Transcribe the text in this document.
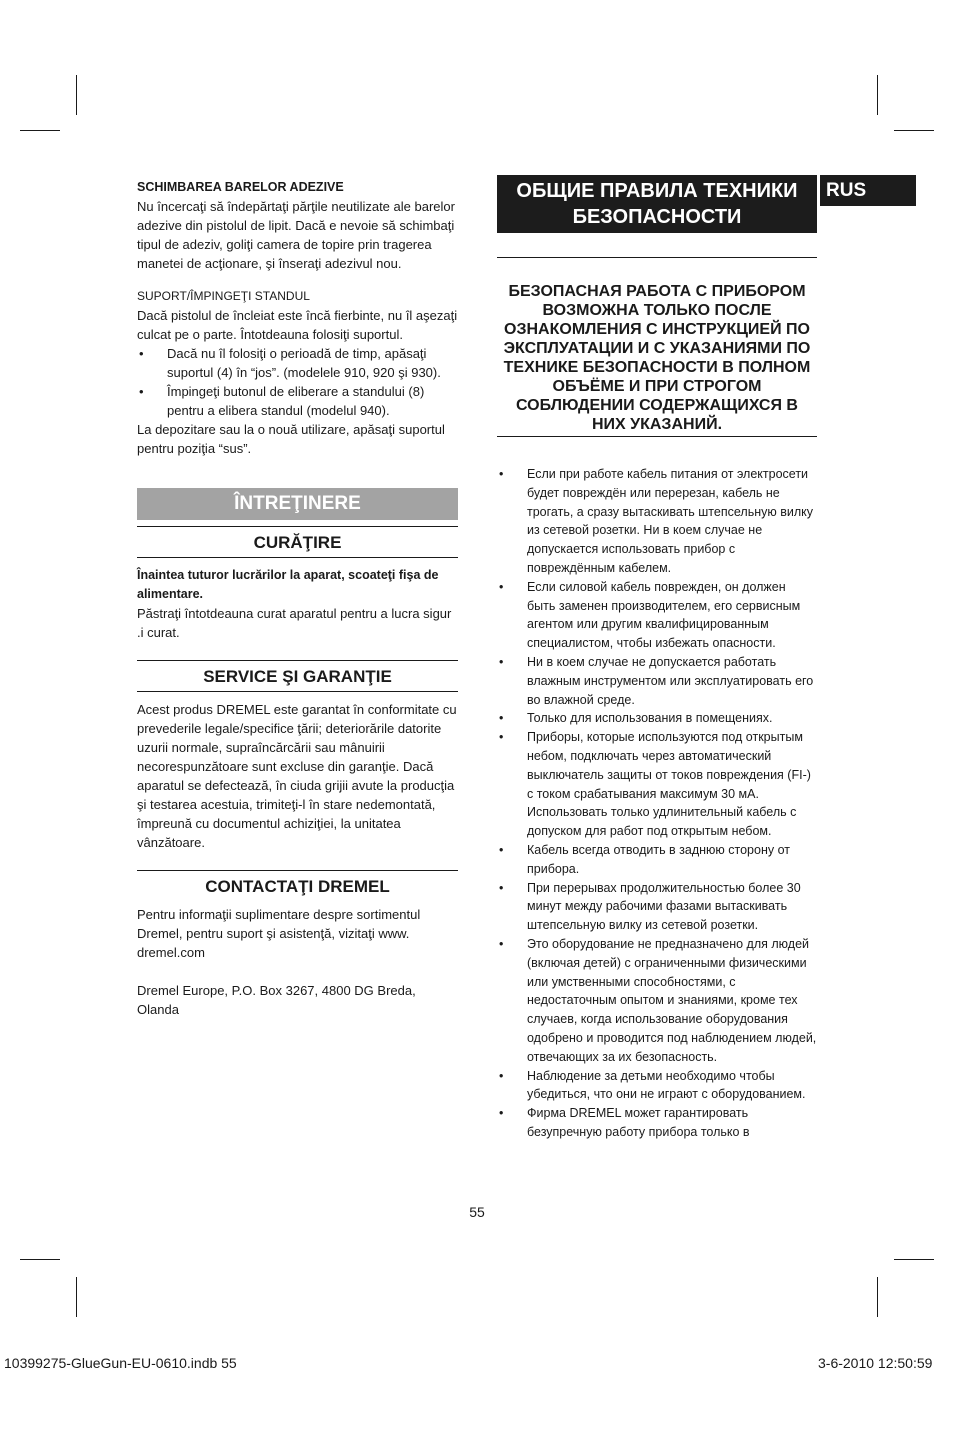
SCHIMBAREA BARELOR ADEZIVE

Nu încercaţi să îndepărtaţi părţile neutilizate ale barelor adezive din pistolul de lipit. Dacă e nevoie să schimbaţi tipul de adeziv, goliţi camera de topire prin tragerea manetei de acţionare, şi înseraţi adezivul nou.

SUPORT/ÎMPINGEŢI STANDUL

Dacă pistolul de încleiat este încă fierbinte, nu îl aşezaţi culcat pe o parte. Întotdeauna folosiţi suportul.

• Dacă nu îl folosiţi o perioadă de timp, apăsaţi suportul (4) în “jos”. (modelele 910, 920 şi 930).
• Împingeţi butonul de eliberare a standului (8) pentru a elibera standul (modelul 940).

La depozitare sau la o nouă utilizare, apăsaţi suportul pentru poziţia “sus”.

ÎNTREŢINERE
CURĂŢIRE

Înaintea tuturor lucrărilor la aparat, scoateţi fişa de alimentare.

Păstraţi întotdeauna curat aparatul pentru a lucra sigur .i curat.

SERVICE ŞI GARANŢIE

Acest produs DREMEL este garantat în conformitate cu prevederile legale/specifice ţării; deteriorările datorite uzurii normale, supraîncărcării sau mânuirii necorespunzătoare sunt excluse din garanţie. Dacă aparatul se defectează, în ciuda grijii avute la producţia şi testarea acestuia, trimiteţi-l în stare nedemontată, împreună cu documentul achiziţiei, la unitatea vânzătoare.

CONTACTAŢI DREMEL

Pentru informaţii suplimentare despre sortimentul Dremel, pentru suport şi asistenţă, vizitaţi www. dremel.com

Dremel Europe, P.O. Box 3267, 4800 DG Breda, Olanda

ОБЩИЕ ПРАВИЛА ТЕХНИКИ БЕЗОПАСНОСТИ
БЕЗОПАСНАЯ РАБОТА С ПРИБОРОМ ВОЗМОЖНА ТОЛЬКО ПОСЛЕ ОЗНАКОМЛЕНИЯ С ИНСТРУКЦИЕЙ ПО ЭКСПЛУАТАЦИИ И С УКАЗАНИЯМИ ПО ТЕХНИКЕ БЕЗОПАСНОСТИ В ПОЛНОМ ОБЪЁМЕ И ПРИ СТРОГОМ СОБЛЮДЕНИИ СОДЕРЖАЩИХСЯ В НИХ УКАЗАНИЙ.
• Если при работе кабель питания от электросети будет повреждён или перерезан, кабель не трогать, а сразу вытаскивать штепсельную вилку из сетевой розетки. Ни в коем случае не допускается использовать прибор с повреждённым кабелем.
• Если силовой кабель поврежден, он должен быть заменен производителем, его сервисным агентом или другим квалифицированным специалистом, чтобы избежать опасности.
• Ни в коем случае не допускается работать влажным инструментом или эксплуатировать его во влажной среде.
• Только для использования в помещениях.
• Приборы, которые используются под открытым небом, подключать через автоматический выключатель защиты от токов повреждения (FI-) с током срабатывания максимум 30 мА. Использовать только удлинительный кабель с допуском для работ под открытым небом.
• Кабель всегда отводить в заднюю сторону от прибора.
• При перерывах продолжительностью более 30 минут между рабочими фазами вытаскивать штепсельную вилку из сетевой розетки.
• Это оборудование не предназначено для людей (включая детей) с ограниченными физическими или умственными способностями, с недостаточным опытом и знаниями, кроме тех случаев, когда использование оборудования одобрено и проводится под наблюдением людей, отвечающих за их безопасность.
• Наблюдение за детьми необходимо чтобы убедиться, что они не играют с оборудованием.
• Фирма DREMEL может гарантировать безупречную работу прибора только в
RUS
55
10399275-GlueGun-EU-0610.indb 55	3-6-2010 12:50:59
